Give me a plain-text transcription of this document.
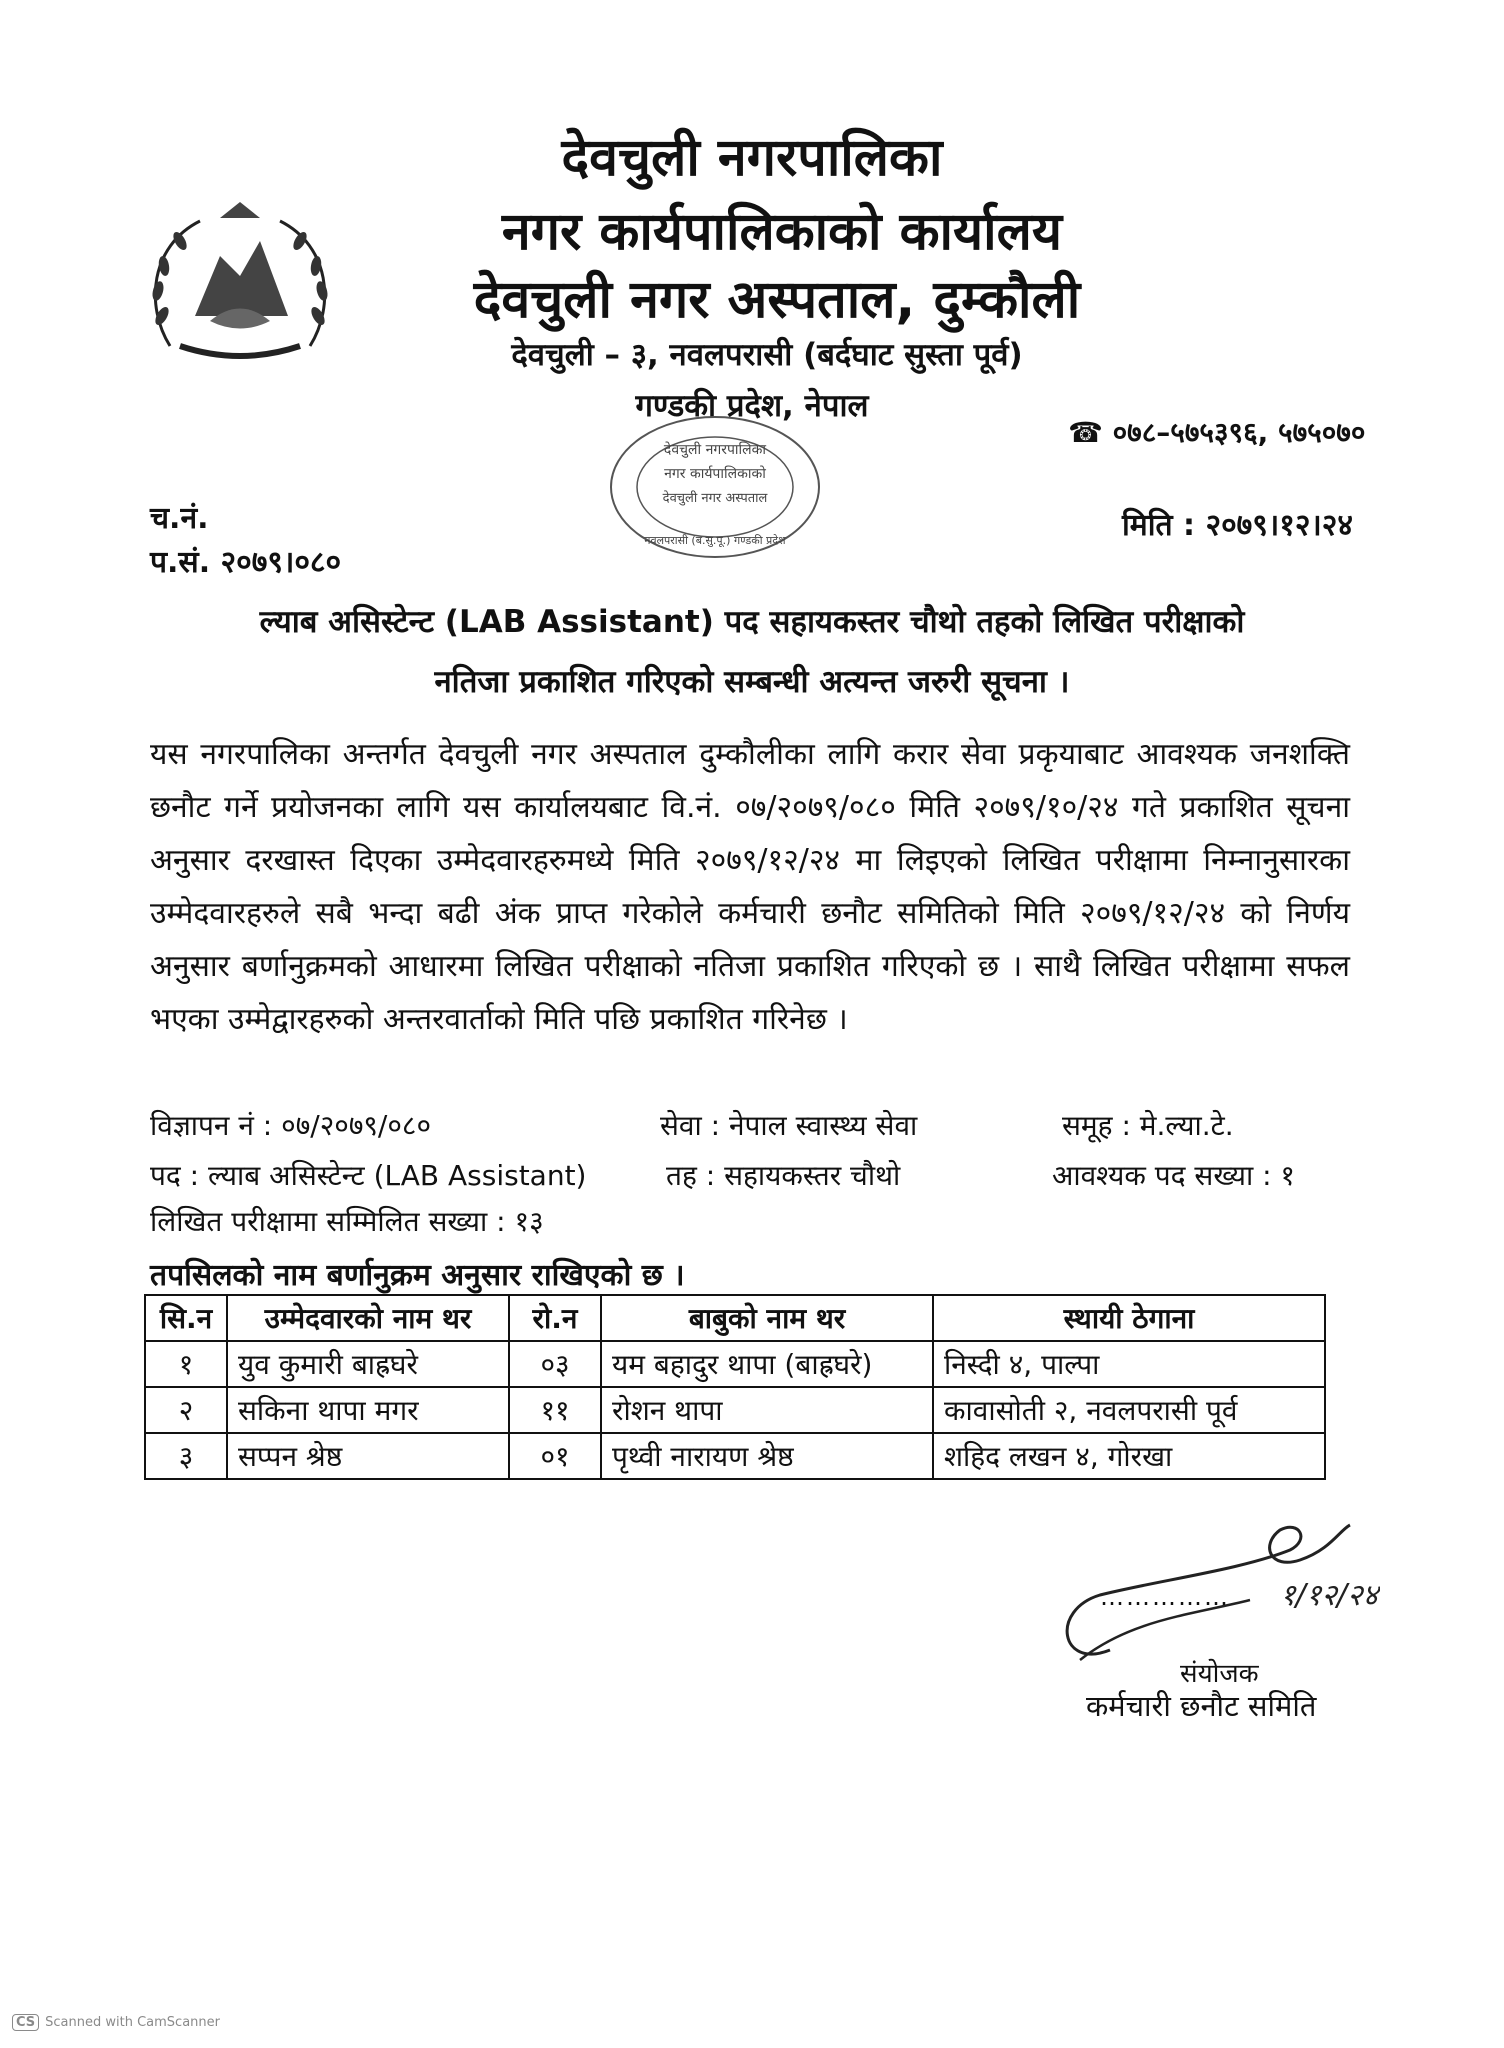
देवचुली नगरपालिका
नगर कार्यपालिकाको कार्यालय
देवचुली नगर अस्पताल, दुम्कौली
देवचुली – ३, नवलपरासी (बर्दघाट सुस्ता पूर्व)
गण्डकी प्रदेश, नेपाल
☎ ०७८–५७५३९६, ५७५०७०
देवचुली नगरपालिका
नगर कार्यपालिकाको
देवचुली नगर अस्पताल
नवलपरासी (ब.सु.पू.) गण्डकी प्रदेश
च.नं.
प.सं. २०७९।०८०
मिति : २०७९।१२।२४
ल्याब असिस्टेन्ट (LAB Assistant) पद सहायकस्तर चौथो तहको लिखित परीक्षाको
नतिजा प्रकाशित गरिएको सम्बन्धी अत्यन्त जरुरी सूचना ।
यस नगरपालिका अन्तर्गत देवचुली नगर अस्पताल दुम्कौलीका लागि करार सेवा प्रकृयाबाट आवश्यक जनशक्ति छनौट गर्ने प्रयोजनका लागि यस कार्यालयबाट वि.नं. ०७/२०७९/०८० मिति २०७९/१०/२४ गते प्रकाशित सूचना अनुसार दरखास्त दिएका उम्मेदवारहरुमध्ये मिति २०७९/१२/२४ मा लिइएको लिखित परीक्षामा निम्नानुसारका उम्मेदवारहरुले सबै भन्दा बढी अंक प्राप्त गरेकोले कर्मचारी छनौट समितिको मिति २०७९/१२/२४ को निर्णय अनुसार बर्णानुक्रमको आधारमा लिखित परीक्षाको नतिजा प्रकाशित गरिएको छ । साथै लिखित परीक्षामा सफल भएका उम्मेद्वारहरुको अन्तरवार्ताको मिति पछि प्रकाशित गरिनेछ ।
विज्ञापन नं : ०७/२०७९/०८०	सेवा : नेपाल स्वास्थ्य सेवा	समूह : मे.ल्या.टे.
पद : ल्याब असिस्टेन्ट (LAB Assistant)	तह : सहायकस्तर चौथो	आवश्यक पद सख्या : १
लिखित परीक्षामा सम्मिलित सख्या : १३
तपसिलको नाम बर्णानुक्रम अनुसार राखिएको छ ।
सि.न	उम्मेदवारको नाम थर	रो.न	बाबुको नाम थर	स्थायी ठेगाना
१	युव कुमारी बाह्रघरे	०३	यम बहादुर थापा (बाह्रघरे)	निस्दी ४, पाल्पा
२	सकिना थापा मगर	११	रोशन थापा	कावासोती २, नवलपरासी पूर्व
३	सप्पन श्रेष्ठ	०१	पृथ्वी नारायण श्रेष्ठ	शहिद लखन ४, गोरखा
१/१२/२४
……………
संयोजक
कर्मचारी छनौट समिति
CS Scanned with CamScanner
